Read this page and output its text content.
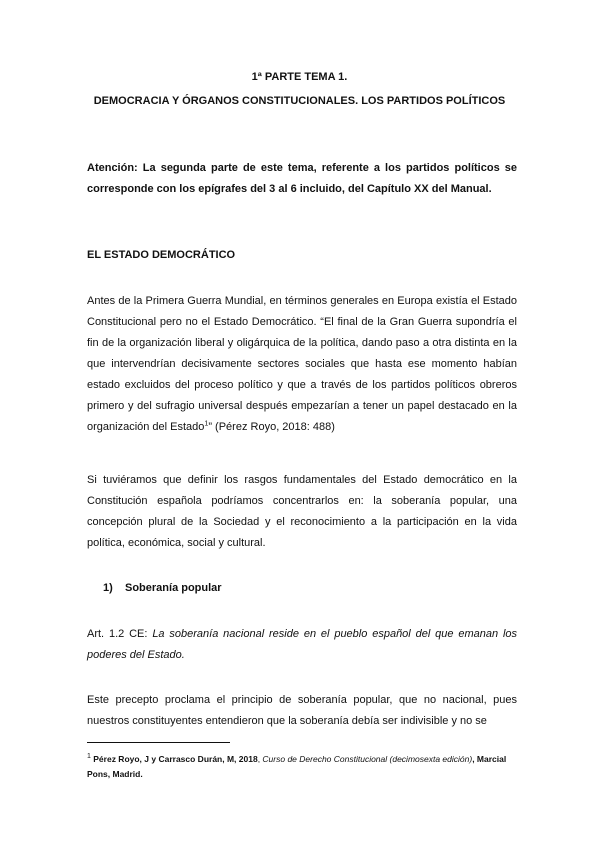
1ª PARTE TEMA 1.
DEMOCRACIA Y ÓRGANOS CONSTITUCIONALES. LOS PARTIDOS POLÍTICOS
Atención: La segunda parte de este tema, referente a los partidos políticos se corresponde con los epígrafes del 3 al 6 incluido, del Capítulo XX del Manual.
EL ESTADO DEMOCRÁTICO
Antes de la Primera Guerra Mundial, en términos generales en Europa existía el Estado Constitucional pero no el Estado Democrático. “El final de la Gran Guerra supondría el fin de la organización liberal y oligárquica de la política, dando paso a otra distinta en la que intervendrían decisivamente sectores sociales que hasta ese momento habían estado excluidos del proceso político y que a través de los partidos políticos obreros primero y del sufragio universal después empezarían a tener un papel destacado en la organización del Estado$^1$” (Pérez Royo, 2018: 488)
Si tuviéramos que definir los rasgos fundamentales del Estado democrático en la Constitución española podríamos concentrarlos en: la soberanía popular, una concepción plural de la Sociedad y el reconocimiento a la participación en la vida política, económica, social y cultural.
1) Soberanía popular
Art. 1.2 CE: La soberanía nacional reside en el pueblo español del que emanan los poderes del Estado.
Este precepto proclama el principio de soberanía popular, que no nacional, pues nuestros constituyentes entendieron que la soberanía debía ser indivisible y no se
$^1$ Pérez Royo, J y Carrasco Durán, M, 2018, Curso de Derecho Constitucional (decimosexta edición), Marcial Pons, Madrid.
